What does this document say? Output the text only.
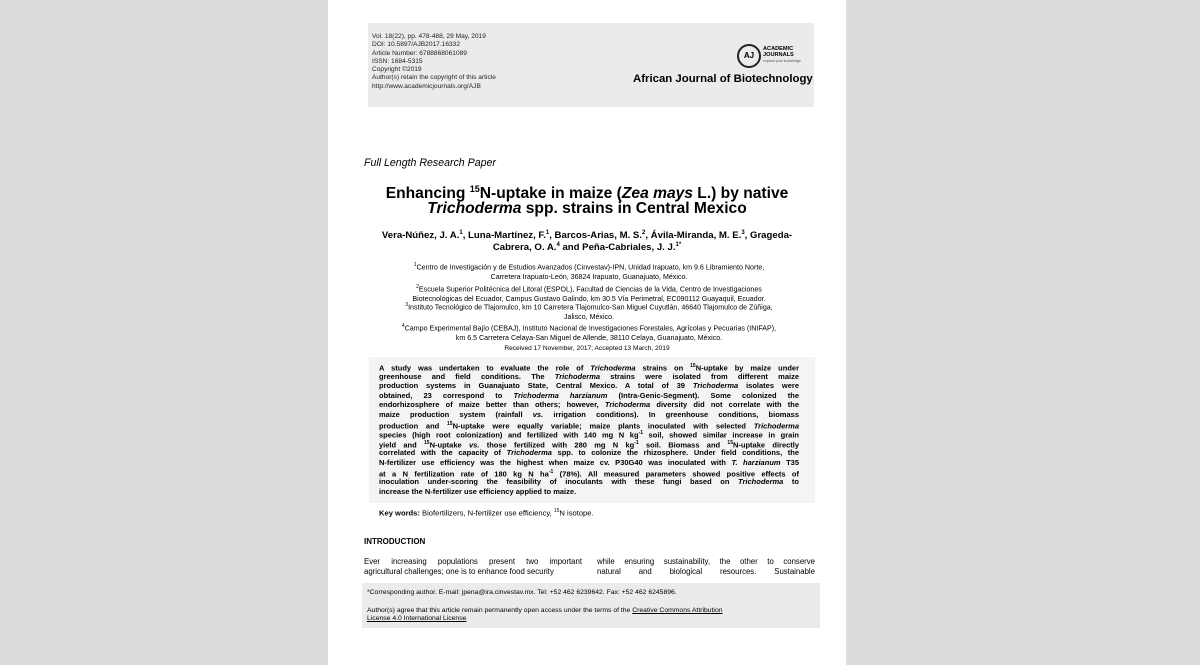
Vol. 18(22), pp. 478-488, 29 May, 2019
DOI: 10.5897/AJB2017.16332
Article Number: 6788868061089
ISSN: 1684-5315
Copyright ©2019
Author(s) retain the copyright of this article
http://www.academicjournals.org/AJB
AJ
ACADEMIC
JOURNALS
expand your knowledge
African Journal of Biotechnology
Full Length Research Paper
Enhancing $^{15}$N-uptake in maize (Zea mays L.) by native
Trichoderma spp. strains in Central Mexico
Vera-Núñez, J. A.$^1$, Luna-Martínez, F.$^1$, Barcos-Arias, M. S.$^2$, Ávila-Miranda, M. E.$^3$, Grageda-
Cabrera, O. A.$^4$ and Peña-Cabriales, J. J.$^{1*}$
$^1$Centro de Investigación y de Estudios Avanzados (Cinvestav)-IPN, Unidad Irapuato, km 9.6 Libramiento Norte,
Carretera Irapuato-León, 36824 Irapuato, Guanajuato, México.
$^2$Escuela Superior Politécnica del Litoral (ESPOL), Facultad de Ciencias de la Vida, Centro de Investigaciones
Biotecnológicas del Ecuador, Campus Gustavo Galindo, km 30.5 Vía Perimetral, EC090112 Guayaquil, Ecuador.
$^3$Instituto Tecnológico de Tlajomulco, km 10 Carretera Tlajomulco-San Miguel Cuyutlán, 46640 Tlajomulco de Zúñiga,
Jalisco, México.
$^4$Campo Experimental Bajío (CEBAJ), Instituto Nacional de Investigaciones Forestales, Agrícolas y Pecuarias (INIFAP),
km 6.5 Carretera Celaya-San Miguel de Allende, 38110 Celaya, Guanajuato, México.
Received 17 November, 2017; Accepted 13 March, 2019
A study was undertaken to evaluate the role of Trichoderma strains on $^{15}$N-uptake by maize under
greenhouse and field conditions. The Trichoderma strains were isolated from different maize
production systems in Guanajuato State, Central Mexico. A total of 39 Trichoderma isolates were
obtained, 23 correspond to Trichoderma harzianum (Intra-Genic-Segment). Some colonized the
endorhizosphere of maize better than others; however, Trichoderma diversity did not correlate with the
maize production system (rainfall vs. irrigation conditions). In greenhouse conditions, biomass
production and $^{15}$N-uptake were equally variable; maize plants inoculated with selected Trichoderma
species (high root colonization) and fertilized with 140 mg N $kg^{-1}$ soil, showed similar increase in grain
yield and $^{15}$N-uptake vs. those fertilized with 280 mg N $kg^{-1}$ soil. Biomass and $^{15}$N-uptake directly
correlated with the capacity of Trichoderma spp. to colonize the rhizosphere. Under field conditions, the
N-fertilizer use efficiency was the highest when maize cv. P30G40 was inoculated with T. harzianum T35
at a N fertilization rate of 180 kg N $ha^{-1}$ (78%). All measured parameters showed positive effects of
inoculation under-scoring the feasibility of inoculants with these fungi based on Trichoderma to
increase the N-fertilizer use efficiency applied to maize.
Key words: Biofertilizers, N-fertilizer use efficiency, $^{15}$N isotope.
INTRODUCTION
Ever increasing populations present two important
agricultural challenges; one is to enhance food security
while ensuring sustainability, the other to conserve
natural and biological resources. Sustainable
*Corresponding author. E-mail: jpena@ira.cinvestav.mx. Tel: +52 462 6239642. Fax: +52 462 6245896.
Author(s) agree that this article remain permanently open access under the terms of the Creative Commons Attribution
License 4.0 International License
